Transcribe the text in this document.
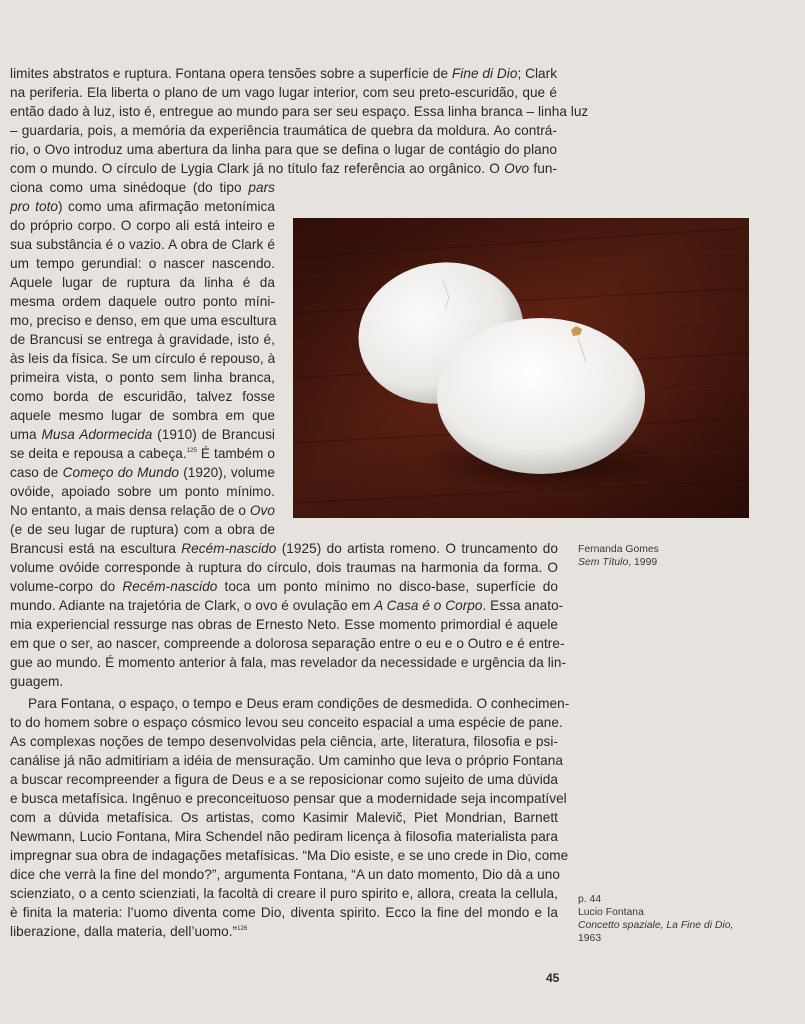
limites abstratos e ruptura. Fontana opera tensões sobre a superfície de Fine di Dio; Clark
na periferia. Ela liberta o plano de um vago lugar interior, com seu preto-escuridão, que é
então dado à luz, isto é, entregue ao mundo para ser seu espaço. Essa linha branca – linha luz
– guardaria, pois, a memória da experiência traumática de quebra da moldura. Ao contrá-
rio, o Ovo introduz uma abertura da linha para que se defina o lugar de contágio do plano
com o mundo. O círculo de Lygia Clark já no título faz referência ao orgânico. O Ovo fun-
ciona como uma sinédoque (do tipo pars
pro toto) como uma afirmação metonímica
do próprio corpo. O corpo ali está inteiro e
sua substância é o vazio. A obra de Clark é
um tempo gerundial: o nascer nascendo.
Aquele lugar de ruptura da linha é da
mesma ordem daquele outro ponto míni-
mo, preciso e denso, em que uma escultura
de Brancusi se entrega à gravidade, isto é,
às leis da física. Se um círculo é repouso, à
primeira vista, o ponto sem linha branca,
como borda de escuridão, talvez fosse
aquele mesmo lugar de sombra em que
uma Musa Adormecida (1910) de Brancusi
se deita e repousa a cabeça.$^{125}$ É também o
caso de Começo do Mundo (1920), volume
ovóide, apoiado sobre um ponto mínimo.
No entanto, a mais densa relação de o Ovo
(e de seu lugar de ruptura) com a obra de
Brancusi está na escultura Recém-nascido (1925) do artista romeno. O truncamento do
volume ovóide corresponde à ruptura do círculo, dois traumas na harmonia da forma. O
volume-corpo do Recém-nascido toca um ponto mínimo no disco-base, superfície do
mundo. Adiante na trajetória de Clark, o ovo é ovulação em A Casa é o Corpo. Essa anato-
mia experiencial ressurge nas obras de Ernesto Neto. Esse momento primordial é aquele
em que o ser, ao nascer, compreende a dolorosa separação entre o eu e o Outro e é entre-
gue ao mundo. É momento anterior à fala, mas revelador da necessidade e urgência da lin-
guagem.
Para Fontana, o espaço, o tempo e Deus eram condições de desmedida. O conhecimen-
to do homem sobre o espaço cósmico levou seu conceito espacial a uma espécie de pane.
As complexas noções de tempo desenvolvidas pela ciência, arte, literatura, filosofia e psi-
canálise já não admitiriam a idéia de mensuração. Um caminho que leva o próprio Fontana
a buscar recompreender a figura de Deus e a se reposicionar como sujeito de uma dúvida
e busca metafísica. Ingênuo e preconceituoso pensar que a modernidade seja incompatível
com a dúvida metafísica. Os artistas, como Kasimir Malevič, Piet Mondrian, Barnett
Newmann, Lucio Fontana, Mira Schendel não pediram licença à filosofia materialista para
impregnar sua obra de indagações metafísicas. “Ma Dio esiste, e se uno crede in Dio, come
dice che verrà la fine del mondo?”, argumenta Fontana, “A un dato momento, Dio dà a uno
scienziato, o a cento scienziati, la facoltà di creare il puro spirito e, allora, creata la cellula,
è finita la materia: l’uomo diventa come Dio, diventa spirito. Ecco la fine del mondo e la
liberazione, dalla materia, dell’uomo.”$^{126}$
Fernanda Gomes
Sem Título, 1999
p. 44
Lucio Fontana
Concetto spaziale, La Fine di Dio,
1963
45
